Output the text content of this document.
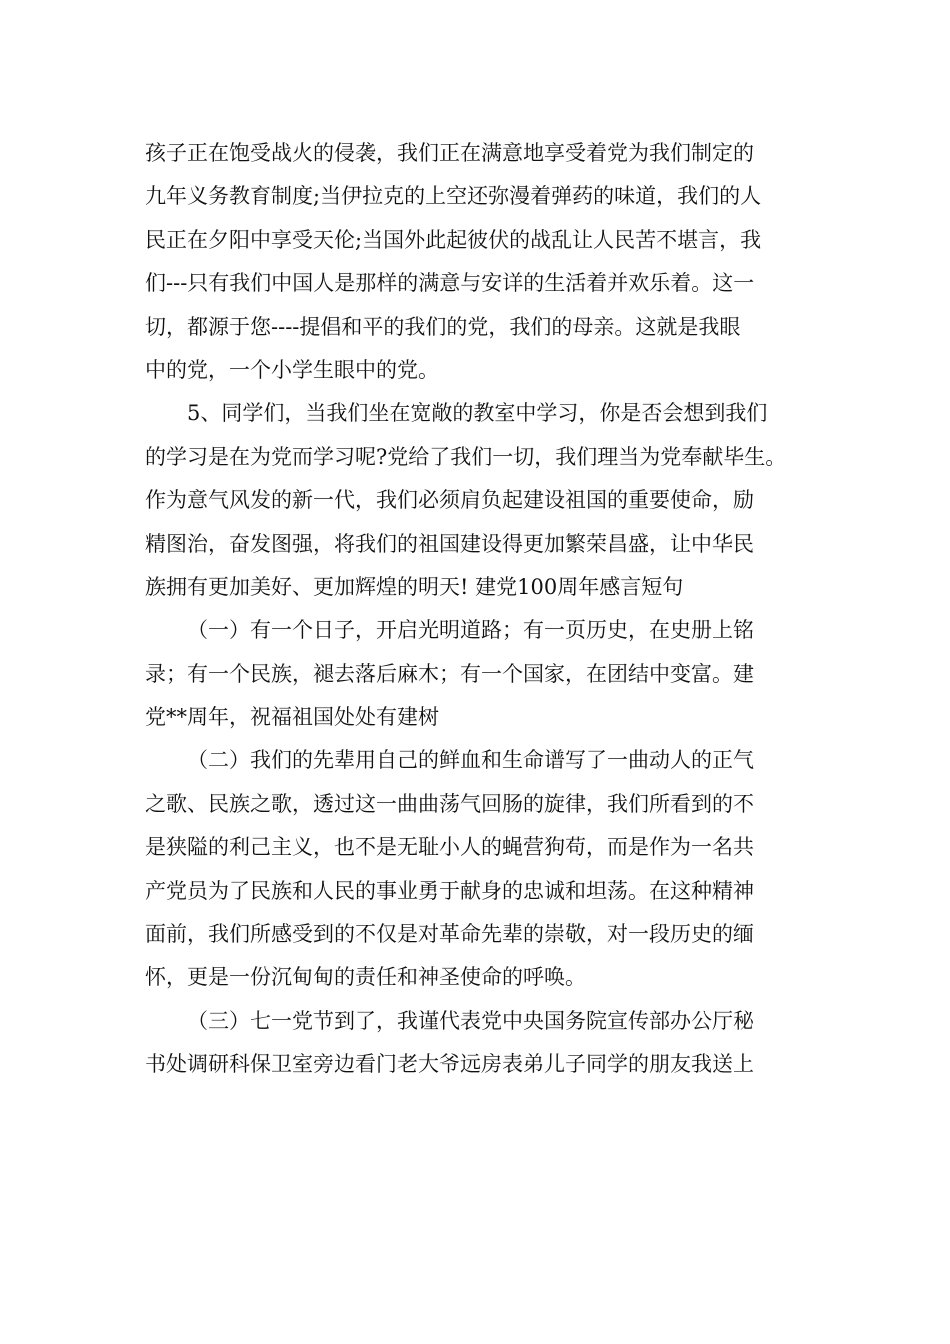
孩子正在饱受战火的侵袭，我们正在满意地享受着党为我们制定的
九年义务教育制度;当伊拉克的上空还弥漫着弹药的味道，我们的人
民正在夕阳中享受天伦;当国外此起彼伏的战乱让人民苦不堪言，我
们---只有我们中国人是那样的满意与安详的生活着并欢乐着。这一
切，都源于您----提倡和平的我们的党，我们的母亲。这就是我眼
中的党，一个小学生眼中的党。
5、同学们，当我们坐在宽敞的教室中学习，你是否会想到我们
的学习是在为党而学习呢?党给了我们一切，我们理当为党奉献毕生。
作为意气风发的新一代，我们必须肩负起建设祖国的重要使命，励
精图治，奋发图强，将我们的祖国建设得更加繁荣昌盛，让中华民
族拥有更加美好、更加辉煌的明天! 建党100周年感言短句
（一）有一个日子，开启光明道路；有一页历史，在史册上铭
录；有一个民族，褪去落后麻木；有一个国家，在团结中变富。建
党**周年，祝福祖国处处有建树
（二）我们的先辈用自己的鲜血和生命谱写了一曲动人的正气
之歌、民族之歌，透过这一曲曲荡气回肠的旋律，我们所看到的不
是狭隘的利己主义，也不是无耻小人的蝇营狗苟，而是作为一名共
产党员为了民族和人民的事业勇于献身的忠诚和坦荡。在这种精神
面前，我们所感受到的不仅是对革命先辈的崇敬，对一段历史的缅
怀，更是一份沉甸甸的责任和神圣使命的呼唤。
（三）七一党节到了，我谨代表党中央国务院宣传部办公厅秘
书处调研科保卫室旁边看门老大爷远房表弟儿子同学的朋友我送上
